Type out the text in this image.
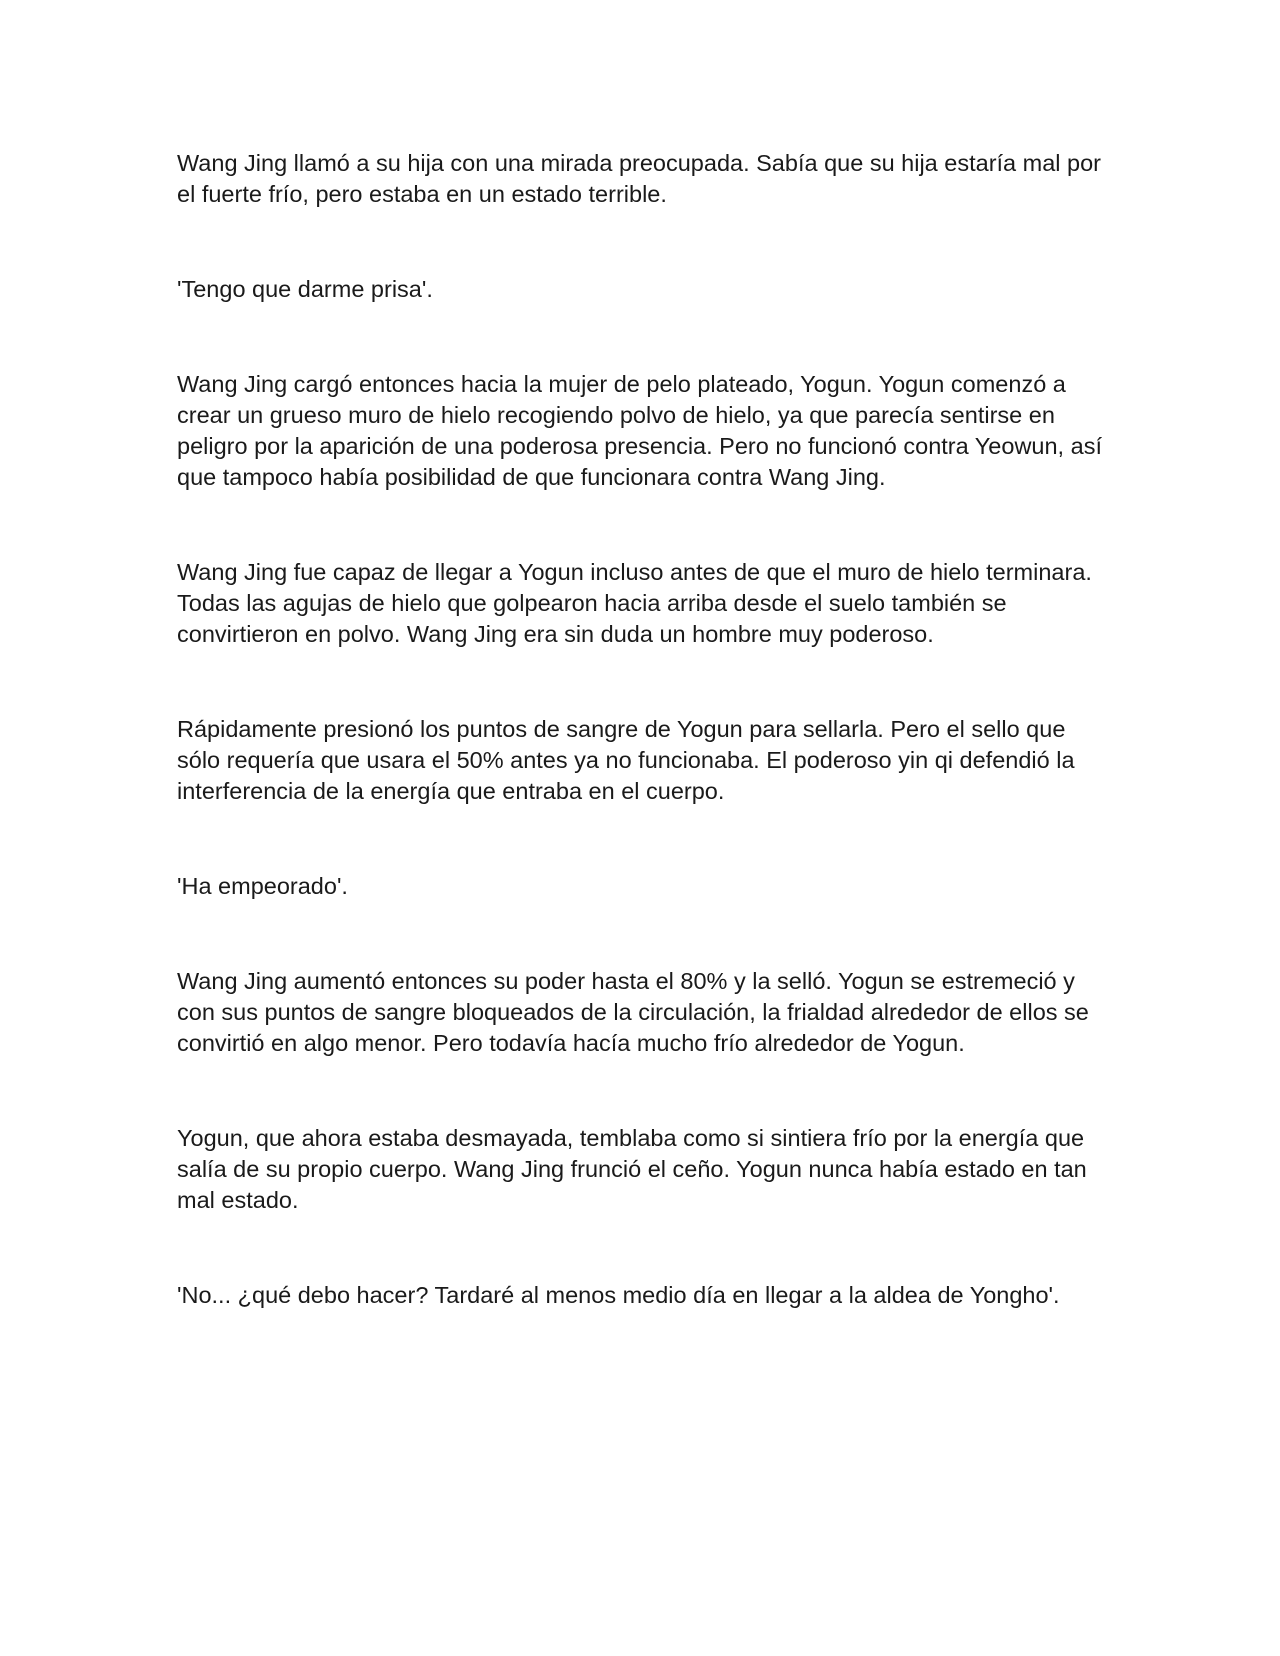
Wang Jing llamó a su hija con una mirada preocupada. Sabía que su hija estaría mal por el fuerte frío, pero estaba en un estado terrible.

'Tengo que darme prisa'.

Wang Jing cargó entonces hacia la mujer de pelo plateado, Yogun. Yogun comenzó a crear un grueso muro de hielo recogiendo polvo de hielo, ya que parecía sentirse en peligro por la aparición de una poderosa presencia. Pero no funcionó contra Yeowun, así que tampoco había posibilidad de que funcionara contra Wang Jing.

Wang Jing fue capaz de llegar a Yogun incluso antes de que el muro de hielo terminara. Todas las agujas de hielo que golpearon hacia arriba desde el suelo también se convirtieron en polvo. Wang Jing era sin duda un hombre muy poderoso.

Rápidamente presionó los puntos de sangre de Yogun para sellarla. Pero el sello que sólo requería que usara el 50% antes ya no funcionaba. El poderoso yin qi defendió la interferencia de la energía que entraba en el cuerpo.

'Ha empeorado'.

Wang Jing aumentó entonces su poder hasta el 80% y la selló. Yogun se estremeció y con sus puntos de sangre bloqueados de la circulación, la frialdad alrededor de ellos se convirtió en algo menor. Pero todavía hacía mucho frío alrededor de Yogun.

Yogun, que ahora estaba desmayada, temblaba como si sintiera frío por la energía que salía de su propio cuerpo. Wang Jing frunció el ceño. Yogun nunca había estado en tan mal estado.

'No... ¿qué debo hacer? Tardaré al menos medio día en llegar a la aldea de Yongho'.
